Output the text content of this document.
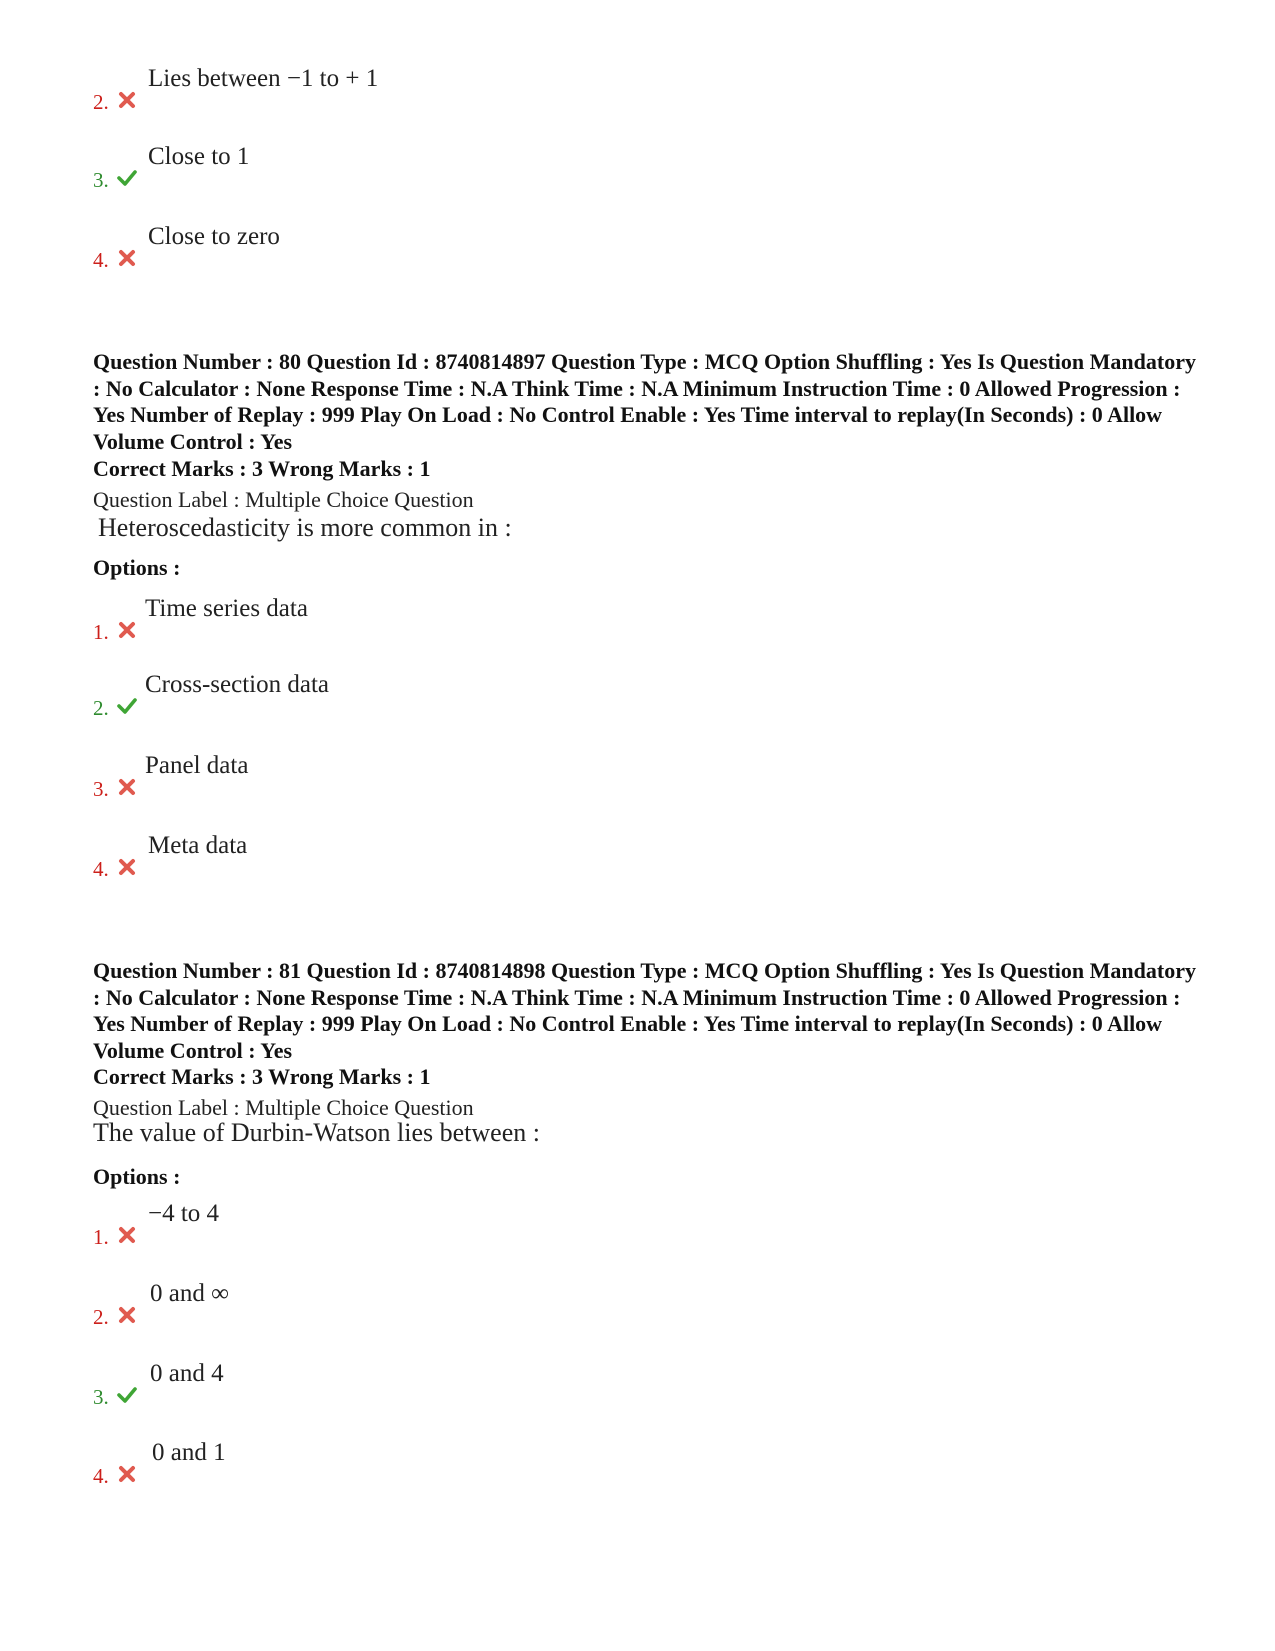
2.
Lies between −1 to + 1
3.
Close to 1
4.
Close to zero

Question Number : 80 Question Id : 8740814897 Question Type : MCQ Option Shuffling : Yes Is Question Mandatory : No Calculator : None Response Time : N.A Think Time : N.A Minimum Instruction Time : 0 Allowed Progression : Yes Number of Replay : 999 Play On Load : No Control Enable : Yes Time interval to replay(In Seconds) : 0 Allow Volume Control : Yes

Correct Marks : 3 Wrong Marks : 1

Question Label : Multiple Choice Question

Heteroscedasticity is more common in :

Options :

1.
Time series data
2.
Cross-section data
3.
Panel data
4.
Meta data

Question Number : 81 Question Id : 8740814898 Question Type : MCQ Option Shuffling : Yes Is Question Mandatory : No Calculator : None Response Time : N.A Think Time : N.A Minimum Instruction Time : 0 Allowed Progression : Yes Number of Replay : 999 Play On Load : No Control Enable : Yes Time interval to replay(In Seconds) : 0 Allow Volume Control : Yes

Correct Marks : 3 Wrong Marks : 1

Question Label : Multiple Choice Question

The value of Durbin-Watson lies between :

Options :

1.
−4 to 4
2.
0 and ∞
3.
0 and 4
4.
0 and 1
